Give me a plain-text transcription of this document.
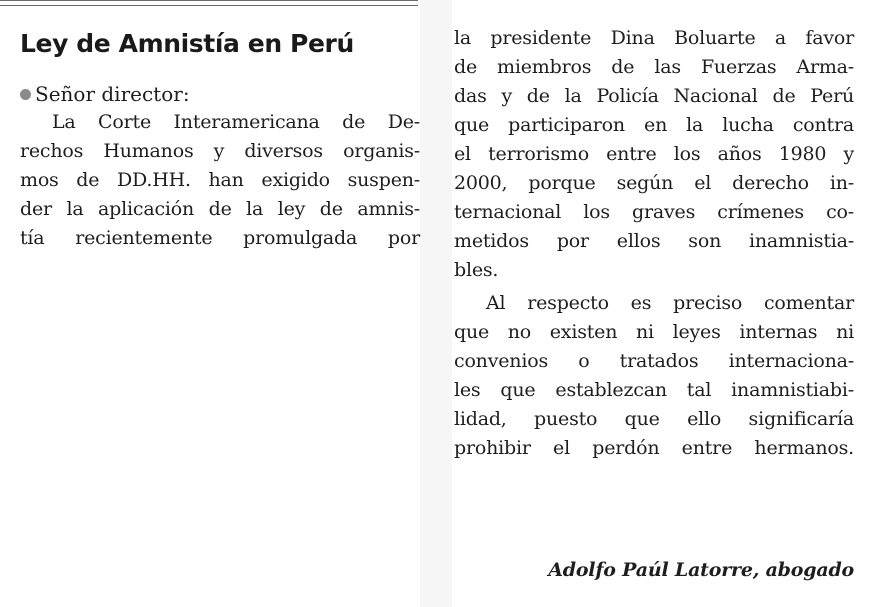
Ley de Amnistía en Perú
Señor director:
La Corte Interamericana de De-
rechos Humanos y diversos organis-
mos de DD.HH. han exigido suspen-
der la aplicación de la ley de amnis-
tía recientemente promulgada por
la presidente Dina Boluarte a favor
de miembros de las Fuerzas Arma-
das y de la Policía Nacional de Perú
que participaron en la lucha contra
el terrorismo entre los años 1980 y
2000, porque según el derecho in-
ternacional los graves crímenes co-
metidos por ellos son inamnistia-
bles.
Al respecto es preciso comentar
que no existen ni leyes internas ni
convenios o tratados internaciona-
les que establezcan tal inamnistiabi-
lidad, puesto que ello significaría
prohibir el perdón entre hermanos.
Adolfo Paúl Latorre, abogado
